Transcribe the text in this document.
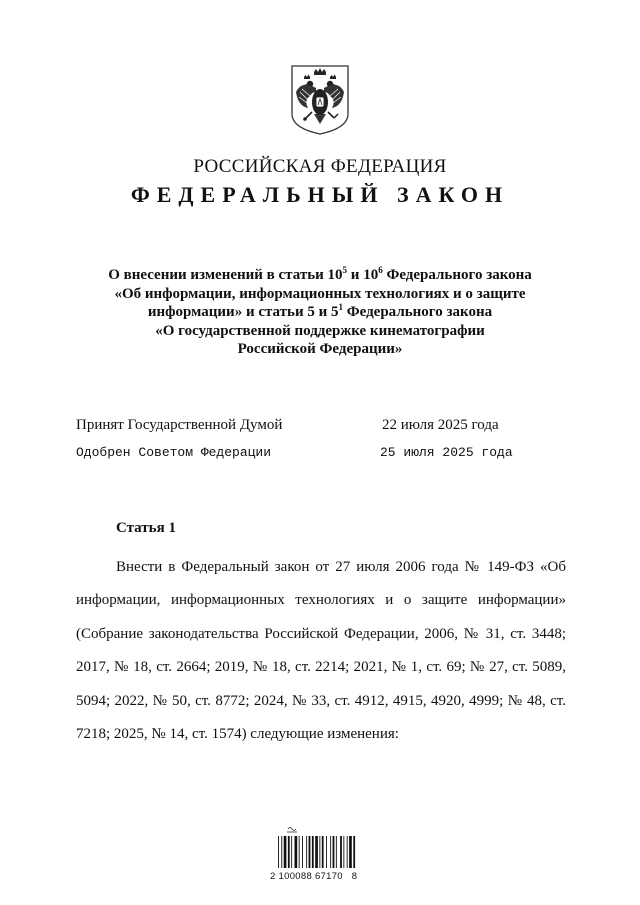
РОССИЙСКАЯ ФЕДЕРАЦИЯ
ФЕДЕРАЛЬНЫЙ ЗАКОН
О внесении изменений в статьи $10^5$ и $10^6$ Федерального закона
«Об информации, информационных технологиях и о защите
информации» и статьи 5 и $5^1$ Федерального закона
«О государственной поддержке кинематографии
Российской Федерации»
Принят Государственной Думой	22 июля 2025 года
Одобрен Советом Федерации	25 июля 2025 года
Статья 1

Внести в Федеральный закон от 27 июля 2006 года № 149-ФЗ «Об информации, информационных технологиях и о защите информации» (Собрание законодательства Российской Федерации, 2006, № 31, ст. 3448; 2017, № 18, ст. 2664; 2019, № 18, ст. 2214; 2021, № 1, ст. 69; № 27, ст. 5089, 5094; 2022, № 50, ст. 8772; 2024, № 33, ст. 4912, 4915, 4920, 4999; № 48, ст. 7218; 2025, № 14, ст. 1574) следующие изменения:

2 100088 67170   8
